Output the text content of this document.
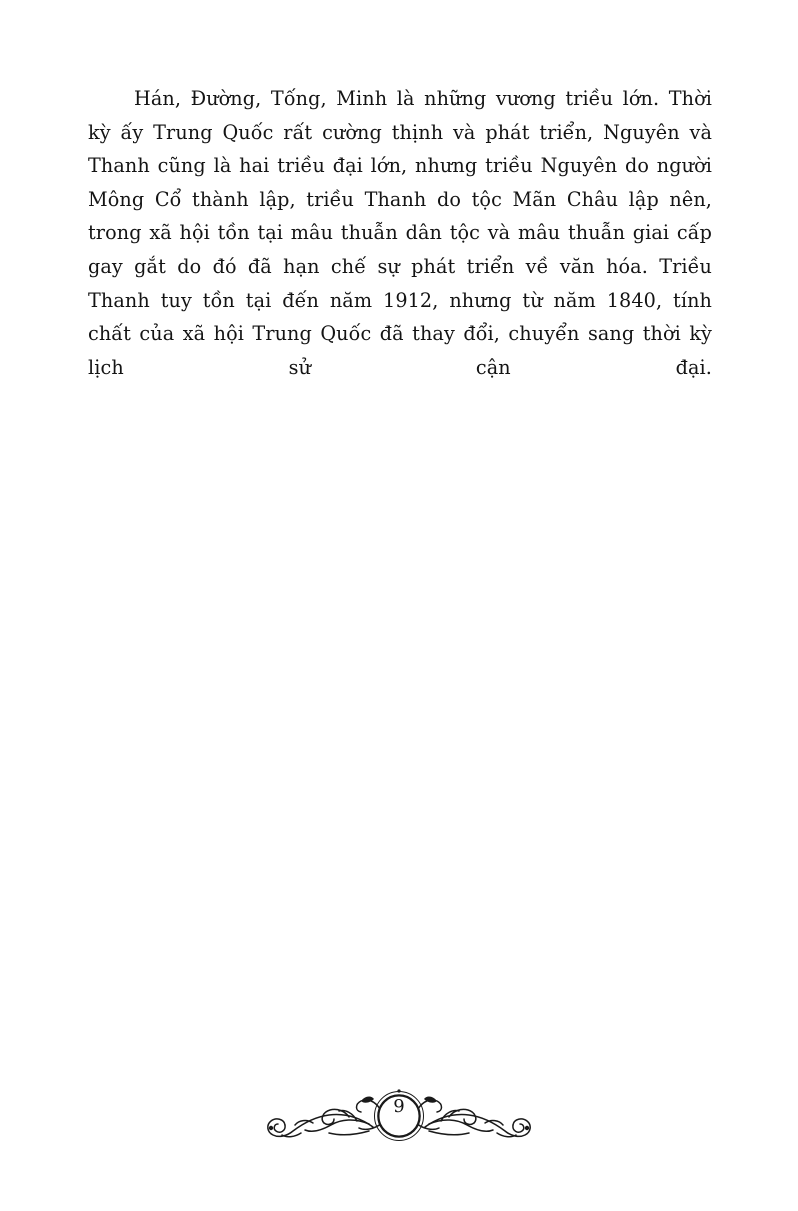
Hán, Đường, Tống, Minh là những vương triều lớn. Thời kỳ ấy Trung Quốc rất cường thịnh và phát triển, Nguyên và Thanh cũng là hai triều đại lớn, nhưng triều Nguyên do người Mông Cổ thành lập, triều Thanh do tộc Mãn Châu lập nên, trong xã hội tồn tại mâu thuẫn dân tộc và mâu thuẫn giai cấp gay gắt do đó đã hạn chế sự phát triển về văn hóa. Triều Thanh tuy tồn tại đến năm 1912, nhưng từ năm 1840, tính chất của xã hội Trung Quốc đã thay đổi, chuyển sang thời kỳ lịch sử cận đại.

9
